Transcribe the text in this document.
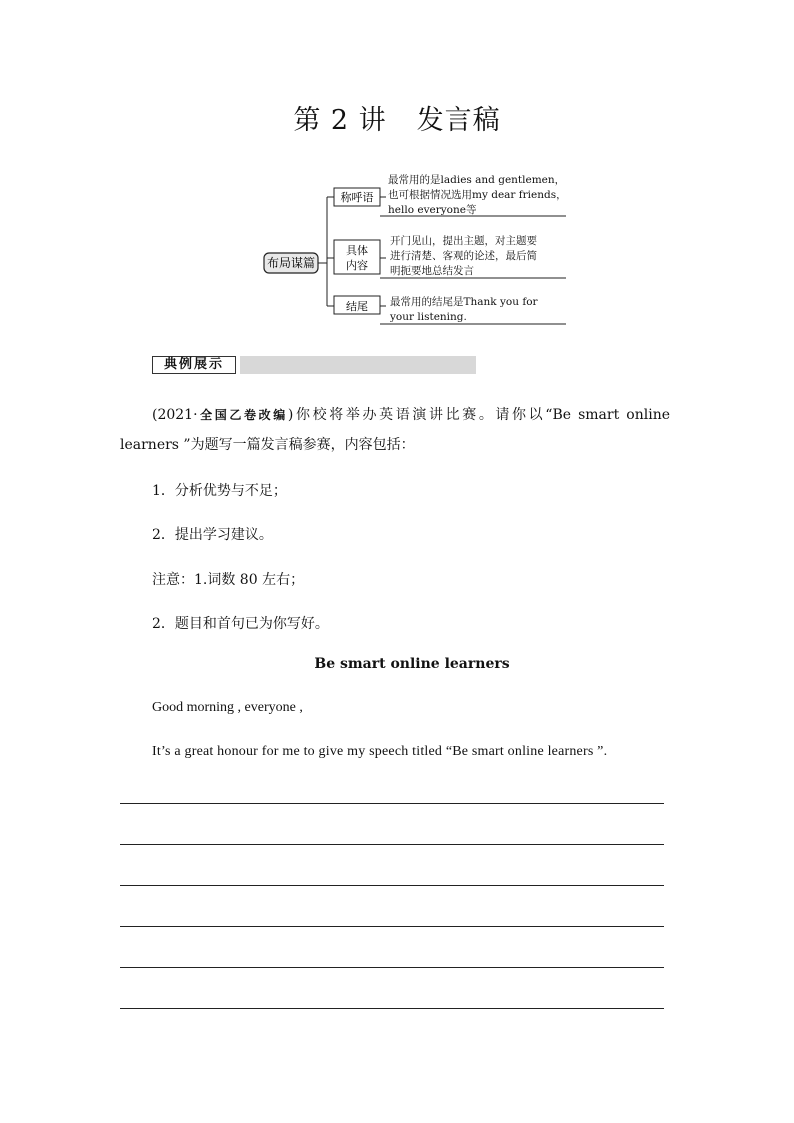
第 2 讲 发言稿
布局谋篇
称呼语
具体
内容
结尾
最常用的是ladies and gentlemen，
也可根据情况选用my dear friends，
hello everyone等
开门见山，提出主题，对主题要
进行清楚、客观的论述，最后简
明扼要地总结发言
最常用的结尾是Thank you for
your listening.
典例展示
(2021·全国乙卷改编)你校将举办英语演讲比赛。请你以“Be smart online
learners ”为题写一篇发言稿参赛，内容包括：
1．分析优势与不足；
2．提出学习建议。
注意：1.词数 80 左右；
2．题目和首句已为你写好。
Be smart online learners
Good morning , everyone ,
It’s a great honour for me to give my speech titled “Be smart online learners ”.
